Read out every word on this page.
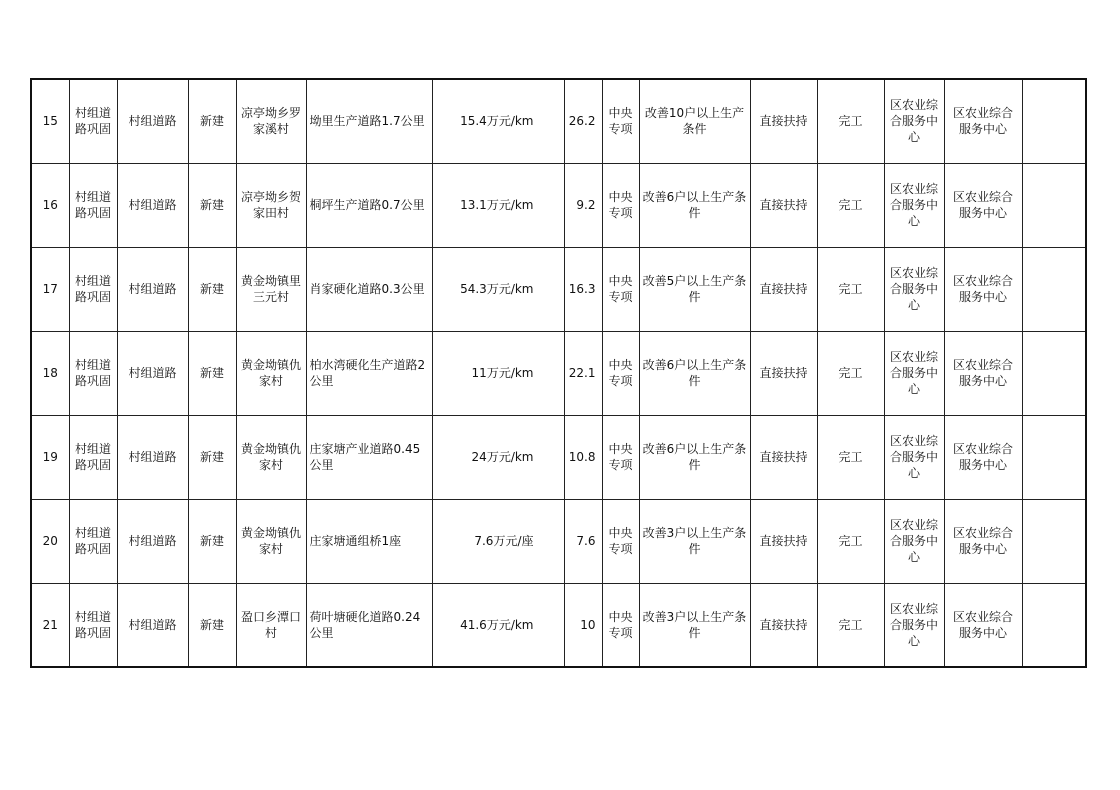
15	村组道路巩固	村组道路	新建	凉亭坳乡罗家溪村	坳里生产道路1.7公里	15.4万元/km	26.2	中央专项	改善10户以上生产条件	直接扶持	完工	区农业综合服务中心	区农业综合服务中心	
16	村组道路巩固	村组道路	新建	凉亭坳乡贺家田村	桐坪生产道路0.7公里	13.1万元/km	9.2	中央专项	改善6户以上生产条件	直接扶持	完工	区农业综合服务中心	区农业综合服务中心	
17	村组道路巩固	村组道路	新建	黄金坳镇里三元村	肖家硬化道路0.3公里	54.3万元/km	16.3	中央专项	改善5户以上生产条件	直接扶持	完工	区农业综合服务中心	区农业综合服务中心	
18	村组道路巩固	村组道路	新建	黄金坳镇仇家村	柏水湾硬化生产道路2公里	11万元/km	22.1	中央专项	改善6户以上生产条件	直接扶持	完工	区农业综合服务中心	区农业综合服务中心	
19	村组道路巩固	村组道路	新建	黄金坳镇仇家村	庄家塘产业道路0.45公里	24万元/km	10.8	中央专项	改善6户以上生产条件	直接扶持	完工	区农业综合服务中心	区农业综合服务中心	
20	村组道路巩固	村组道路	新建	黄金坳镇仇家村	庄家塘通组桥1座	7.6万元/座	7.6	中央专项	改善3户以上生产条件	直接扶持	完工	区农业综合服务中心	区农业综合服务中心	
21	村组道路巩固	村组道路	新建	盈口乡潭口村	荷叶塘硬化道路0.24公里	41.6万元/km	10	中央专项	改善3户以上生产条件	直接扶持	完工	区农业综合服务中心	区农业综合服务中心	
